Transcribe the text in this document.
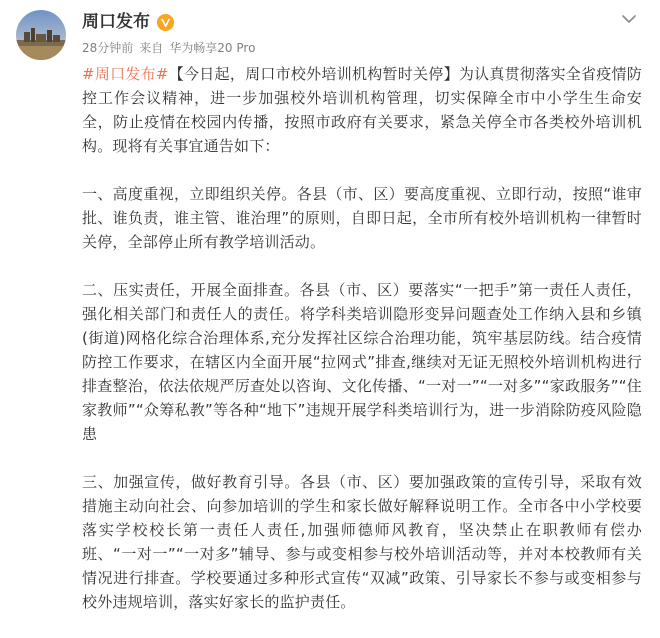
周口发布
28分钟前 来自 华为畅享20 Pro

#周口发布#【今日起，周口市校外培训机构暂时关停】为认真贯彻落实全省疫情防控工作会议精神，进一步加强校外培训机构管理，切实保障全市中小学生生命安全，防止疫情在校园内传播，按照市政府有关要求，紧急关停全市各类校外培训机构。现将有关事宜通告如下：

一、高度重视，立即组织关停。各县（市、区）要高度重视、立即行动，按照“谁审批、谁负责，谁主管、谁治理”的原则，自即日起，全市所有校外培训机构一律暂时关停，全部停止所有教学培训活动。

二、压实责任，开展全面排查。各县（市、区）要落实“一把手”第一责任人责任，强化相关部门和责任人的责任。将学科类培训隐形变异问题查处工作纳入县和乡镇(街道)网格化综合治理体系,充分发挥社区综合治理功能，筑牢基层防线。结合疫情防控工作要求，在辖区内全面开展“拉网式”排查,继续对无证无照校外培训机构进行排查整治，依法依规严厉查处以咨询、文化传播、“一对一”“一对多”“家政服务”“住家教师”“众筹私教”等各种“地下”违规开展学科类培训行为，进一步消除防疫风险隐患

三、加强宣传，做好教育引导。各县（市、区）要加强政策的宣传引导，采取有效措施主动向社会、向参加培训的学生和家长做好解释说明工作。全市各中小学校要落实学校校长第一责任人责任,加强师德师风教育，坚决禁止在职教师有偿办班、“一对一”“一对多”辅导、参与或变相参与校外培训活动等，并对本校教师有关情况进行排查。学校要通过多种形式宣传“双减”政策、引导家长不参与或变相参与校外违规培训，落实好家长的监护责任。
